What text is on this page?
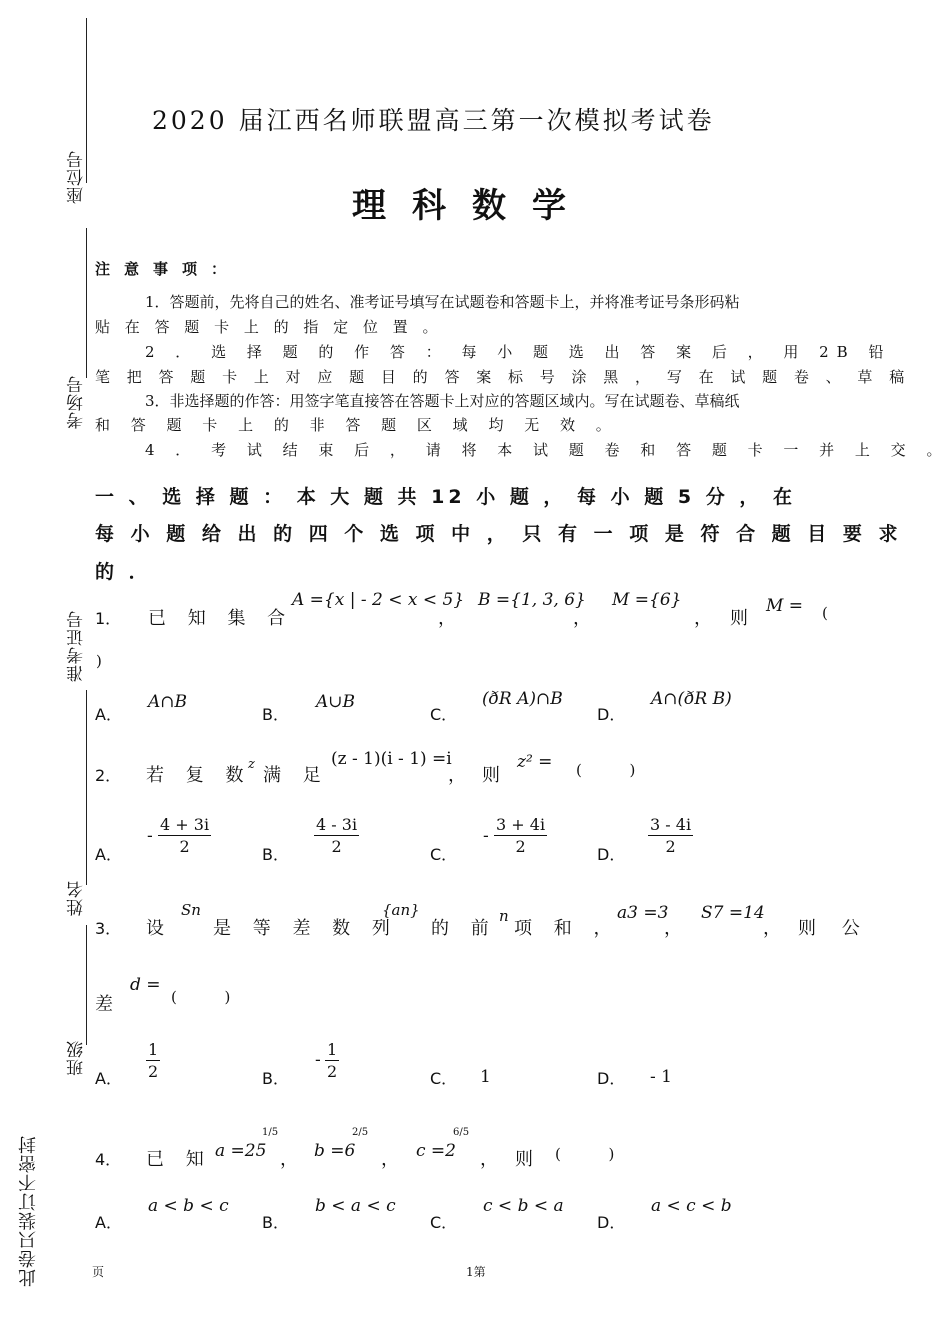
座位号
考场号
准考证号
姓名
班级
此卷只装订不密封
2020 届江西名师联盟高三第一次模拟考试卷
理科数学
注意事项：
1．答题前，先将自己的姓名、准考证号填写在试题卷和答题卡上，并将准考证号条形码粘
贴 在 答 题 卡 上 的 指 定 位 置 。
2 ． 选 择 题 的 作 答 ： 每 小 题 选 出 答 案 后 ， 用 2B 铅
笔 把 答 题 卡 上 对 应 题 目 的 答 案 标 号 涂 黑 ， 写 在 试 题 卷 、 草 稿
3．非选择题的作答：用签字笔直接答在答题卡上对应的答题区域内。写在试题卷、草稿纸
和 答 题 卡 上 的 非 答 题 区 域 均 无 效 。
4 ． 考 试 结 束 后 ， 请 将 本 试 题 卷 和 答 题 卡 一 并 上 交 。
一 、 选 择 题 ： 本 大 题 共 12 小 题 ， 每 小 题 5 分 ， 在
每 小 题 给 出 的 四 个 选 项 中 ， 只 有 一 项 是 符 合 题 目 要 求
的 ．
1． 已 知 集 合
A ={x | - 2 < x < 5}
，
B ={1, 3, 6}
，
M ={6}
， 则
M = (
)
A．
A∩B
B．
A∪B
C．
(ðR A)∩B
D．
A∩(ðR B)
2． 若 复 数
z
满 足
(z - 1)(i - 1) =i
， 则
z² = (          )
A．
- $\frac{4 + 3i}{2}$	B． $\frac{4 - 3i}{2}$	C．
- $\frac{3 + 4i}{2}$	D． $\frac{3 - 4i}{2}$
3． 设
Sn
是 等 差 数 列
{an}
的 前
n
项 和 ，
a3 =3
，
S7 =14
， 则 公
差
d =
(          )
A． $\frac{1}{2}$	B．
- $\frac{1}{2}$	C． 1	D． - 1
4． 已 知 a =25
1/5
， b =6
2/5
， c =2
6/5
， 则 (          )
A．
a < b < c
B．
b < a < c
C．
c < b < a
D．
a < c < b
页	1第
